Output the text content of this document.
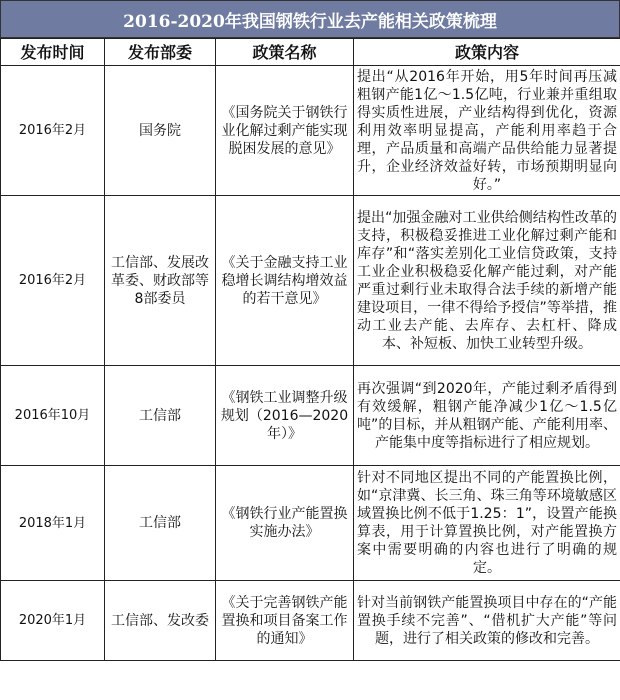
2016-2020年我国钢铁行业去产能相关政策梳理
发布时间	发布部委	政策名称	政策内容
2016年2月	国务院	《国务院关于钢铁行业化解过剩产能实现脱困发展的意见》	提出“从2016年开始，用5年时间再压减粗钢产能1亿～1.5亿吨，行业兼并重组取得实质性进展，产业结构得到优化，资源利用效率明显提高，产能利用率趋于合理，产品质量和高端产品供给能力显著提升，企业经济效益好转，市场预期明显向好。”
2016年2月	工信部、发展改革委、财政部等8部委员	《关于金融支持工业稳增长调结构增效益的若干意见》	提出“加强金融对工业供给侧结构性改革的支持，积极稳妥推进工业化解过剩产能和库存”和“落实差别化工业信贷政策，支持工业企业积极稳妥化解产能过剩，对产能严重过剩行业未取得合法手续的新增产能建设项目，一律不得给予授信”等举措，推动工业去产能、去库存、去杠杆、降成本、补短板、加快工业转型升级。
2016年10月	工信部	《钢铁工业调整升级规划（2016—2020年）》	再次强调“到2020年，产能过剩矛盾得到有效缓解，粗钢产能净减少1亿～1.5亿吨”的目标，并从粗钢产能、产能利用率、产能集中度等指标进行了相应规划。
2018年1月	工信部	《钢铁行业产能置换实施办法》	针对不同地区提出不同的产能置换比例，如“京津冀、长三角、珠三角等环境敏感区域置换比例不低于1.25：1”，设置产能换算表，用于计算置换比例，对产能置换方案中需要明确的内容也进行了明确的规定。
2020年1月	工信部、发改委	《关于完善钢铁产能置换和项目备案工作的通知》	针对当前钢铁产能置换项目中存在的“产能置换手续不完善”、“借机扩大产能”等问题，进行了相关政策的修改和完善。
